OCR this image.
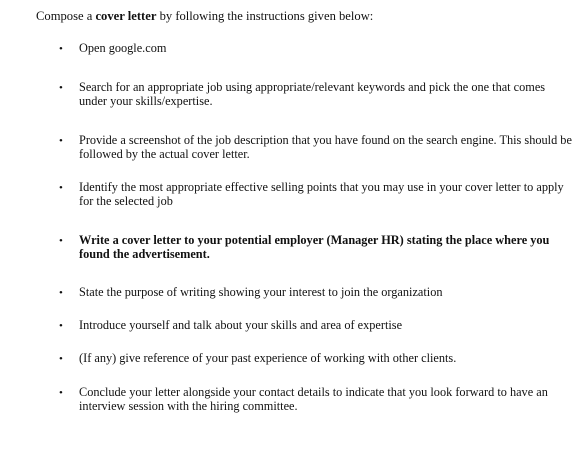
Compose a cover letter by following the instructions given below:
• Open google.com
• Search for an appropriate job using appropriate/relevant keywords and pick the one that comes under your skills/expertise.
• Provide a screenshot of the job description that you have found on the search engine. This should be followed by the actual cover letter.
• Identify the most appropriate effective selling points that you may use in your cover letter to apply for the selected job
• Write a cover letter to your potential employer (Manager HR) stating the place where you found the advertisement.
• State the purpose of writing showing your interest to join the organization
• Introduce yourself and talk about your skills and area of expertise
• (If any) give reference of your past experience of working with other clients.
• Conclude your letter alongside your contact details to indicate that you look forward to have an interview session with the hiring committee.
